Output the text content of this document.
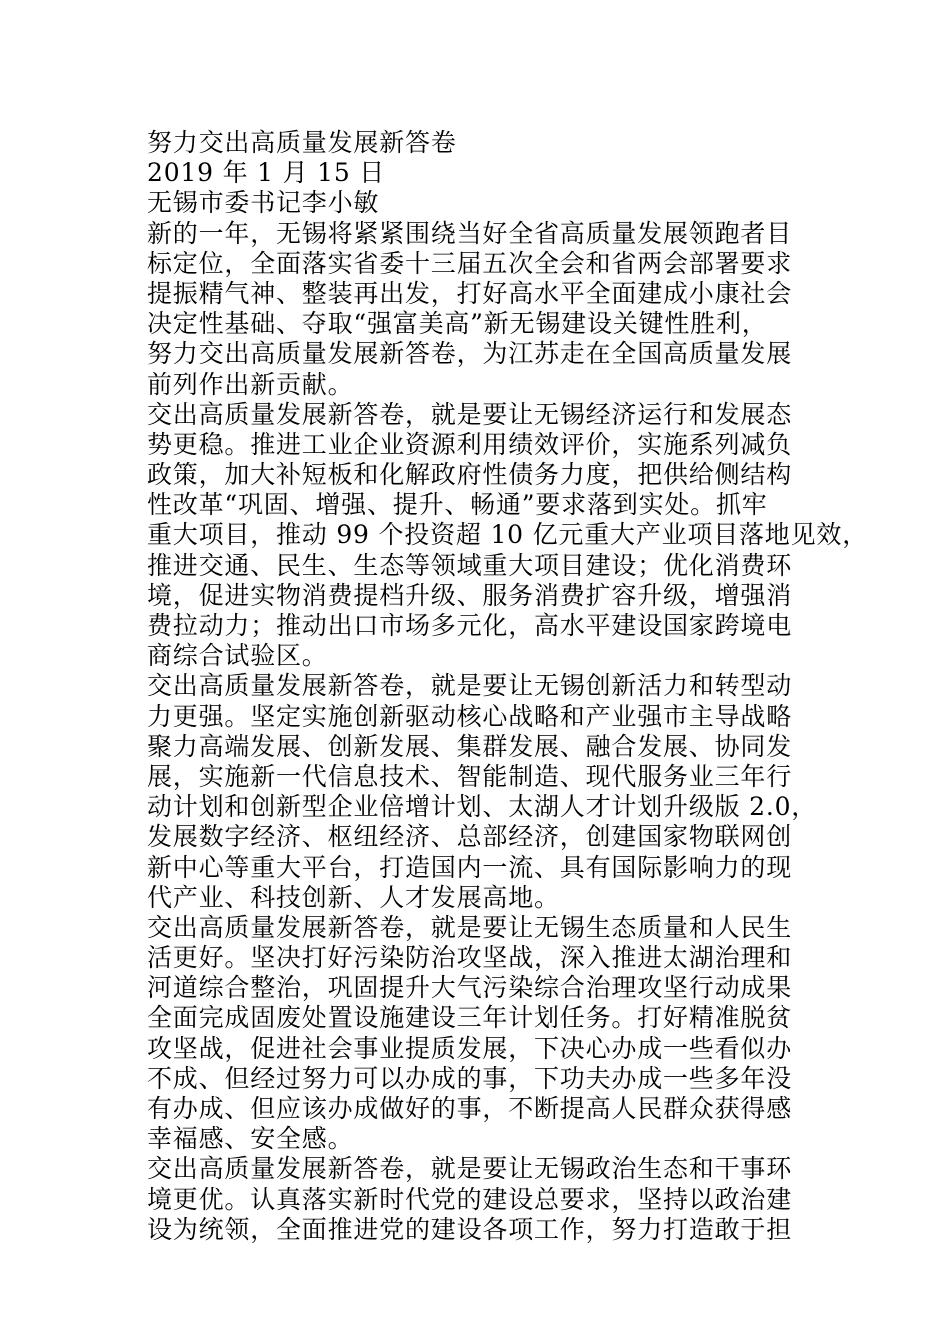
努力交出高质量发展新答卷
2019 年 1 月 15 日
无锡市委书记李小敏
新的一年，无锡将紧紧围绕当好全省高质量发展领跑者目
标定位，全面落实省委十三届五次全会和省两会部署要求
提振精气神、整装再出发，打好高水平全面建成小康社会
决定性基础、夺取“强富美高”新无锡建设关键性胜利，
努力交出高质量发展新答卷，为江苏走在全国高质量发展
前列作出新贡献。
交出高质量发展新答卷，就是要让无锡经济运行和发展态
势更稳。推进工业企业资源利用绩效评价，实施系列减负
政策，加大补短板和化解政府性债务力度，把供给侧结构
性改革“巩固、增强、提升、畅通”要求落到实处。抓牢
重大项目，推动 99 个投资超 10 亿元重大产业项目落地见效，
推进交通、民生、生态等领域重大项目建设；优化消费环
境，促进实物消费提档升级、服务消费扩容升级，增强消
费拉动力；推动出口市场多元化，高水平建设国家跨境电
商综合试验区。
交出高质量发展新答卷，就是要让无锡创新活力和转型动
力更强。坚定实施创新驱动核心战略和产业强市主导战略
聚力高端发展、创新发展、集群发展、融合发展、协同发
展，实施新一代信息技术、智能制造、现代服务业三年行
动计划和创新型企业倍增计划、太湖人才计划升级版 2.0，
发展数字经济、枢纽经济、总部经济，创建国家物联网创
新中心等重大平台，打造国内一流、具有国际影响力的现
代产业、科技创新、人才发展高地。
交出高质量发展新答卷，就是要让无锡生态质量和人民生
活更好。坚决打好污染防治攻坚战，深入推进太湖治理和
河道综合整治，巩固提升大气污染综合治理攻坚行动成果
全面完成固废处置设施建设三年计划任务。打好精准脱贫
攻坚战，促进社会事业提质发展，下决心办成一些看似办
不成、但经过努力可以办成的事，下功夫办成一些多年没
有办成、但应该办成做好的事，不断提高人民群众获得感
幸福感、安全感。
交出高质量发展新答卷，就是要让无锡政治生态和干事环
境更优。认真落实新时代党的建设总要求，坚持以政治建
设为统领，全面推进党的建设各项工作，努力打造敢于担
